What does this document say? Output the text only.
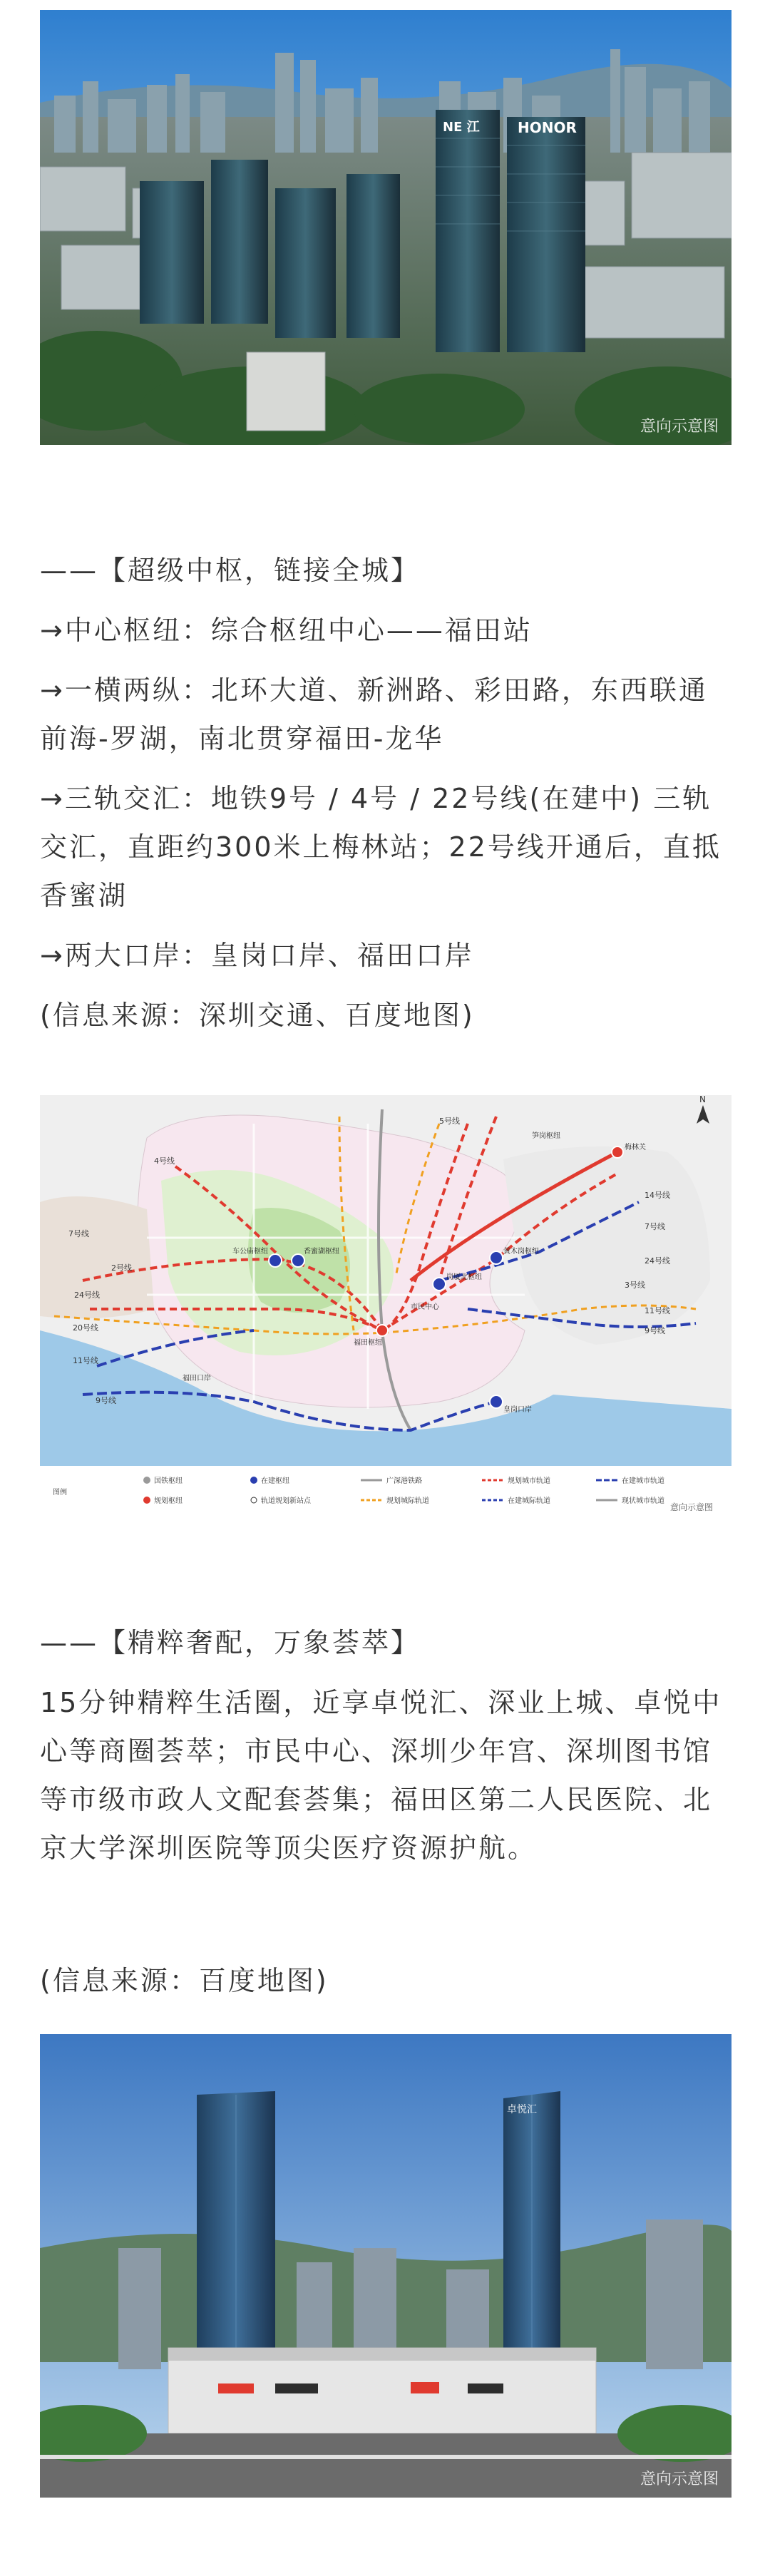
NE 江	HONOR
意向示意图

——【超级中枢，链接全城】

→中心枢纽：综合枢纽中心——福田站

→一横两纵：北环大道、新洲路、彩田路，东西联通前海-罗湖，南北贯穿福田-龙华

→三轨交汇：地铁9号 / 4号 / 22号线(在建中) 三轨交汇，直距约300米上梅林站；22号线开通后，直抵香蜜湖

→两大口岸：皇岗口岸、福田口岸

(信息来源：深圳交通、百度地图)

N
4号线
7号线
2号线
24号线
20号线
11号线
9号线
14号线
7号线
24号线
3号线
11号线
9号线
5号线
梅林关
车公庙枢纽	香蜜湖枢纽
福田枢纽
岗厦北枢纽
市民中心
皇岗口岸
福田口岸
笋岗枢纽
黄木岗枢纽
图例
国铁枢纽
规划枢纽
在建枢纽
轨道规划新站点
广深港铁路
规划城际轨道
规划城市轨道
在建城际轨道
在建城市轨道
现状城市轨道
意向示意图

——【精粹奢配，万象荟萃】

15分钟精粹生活圈，近享卓悦汇、深业上城、卓悦中心等商圈荟萃；市民中心、深圳少年宫、深圳图书馆等市级市政人文配套荟集；福田区第二人民医院、北京大学深圳医院等顶尖医疗资源护航。

(信息来源：百度地图)

卓悦汇
意向示意图
